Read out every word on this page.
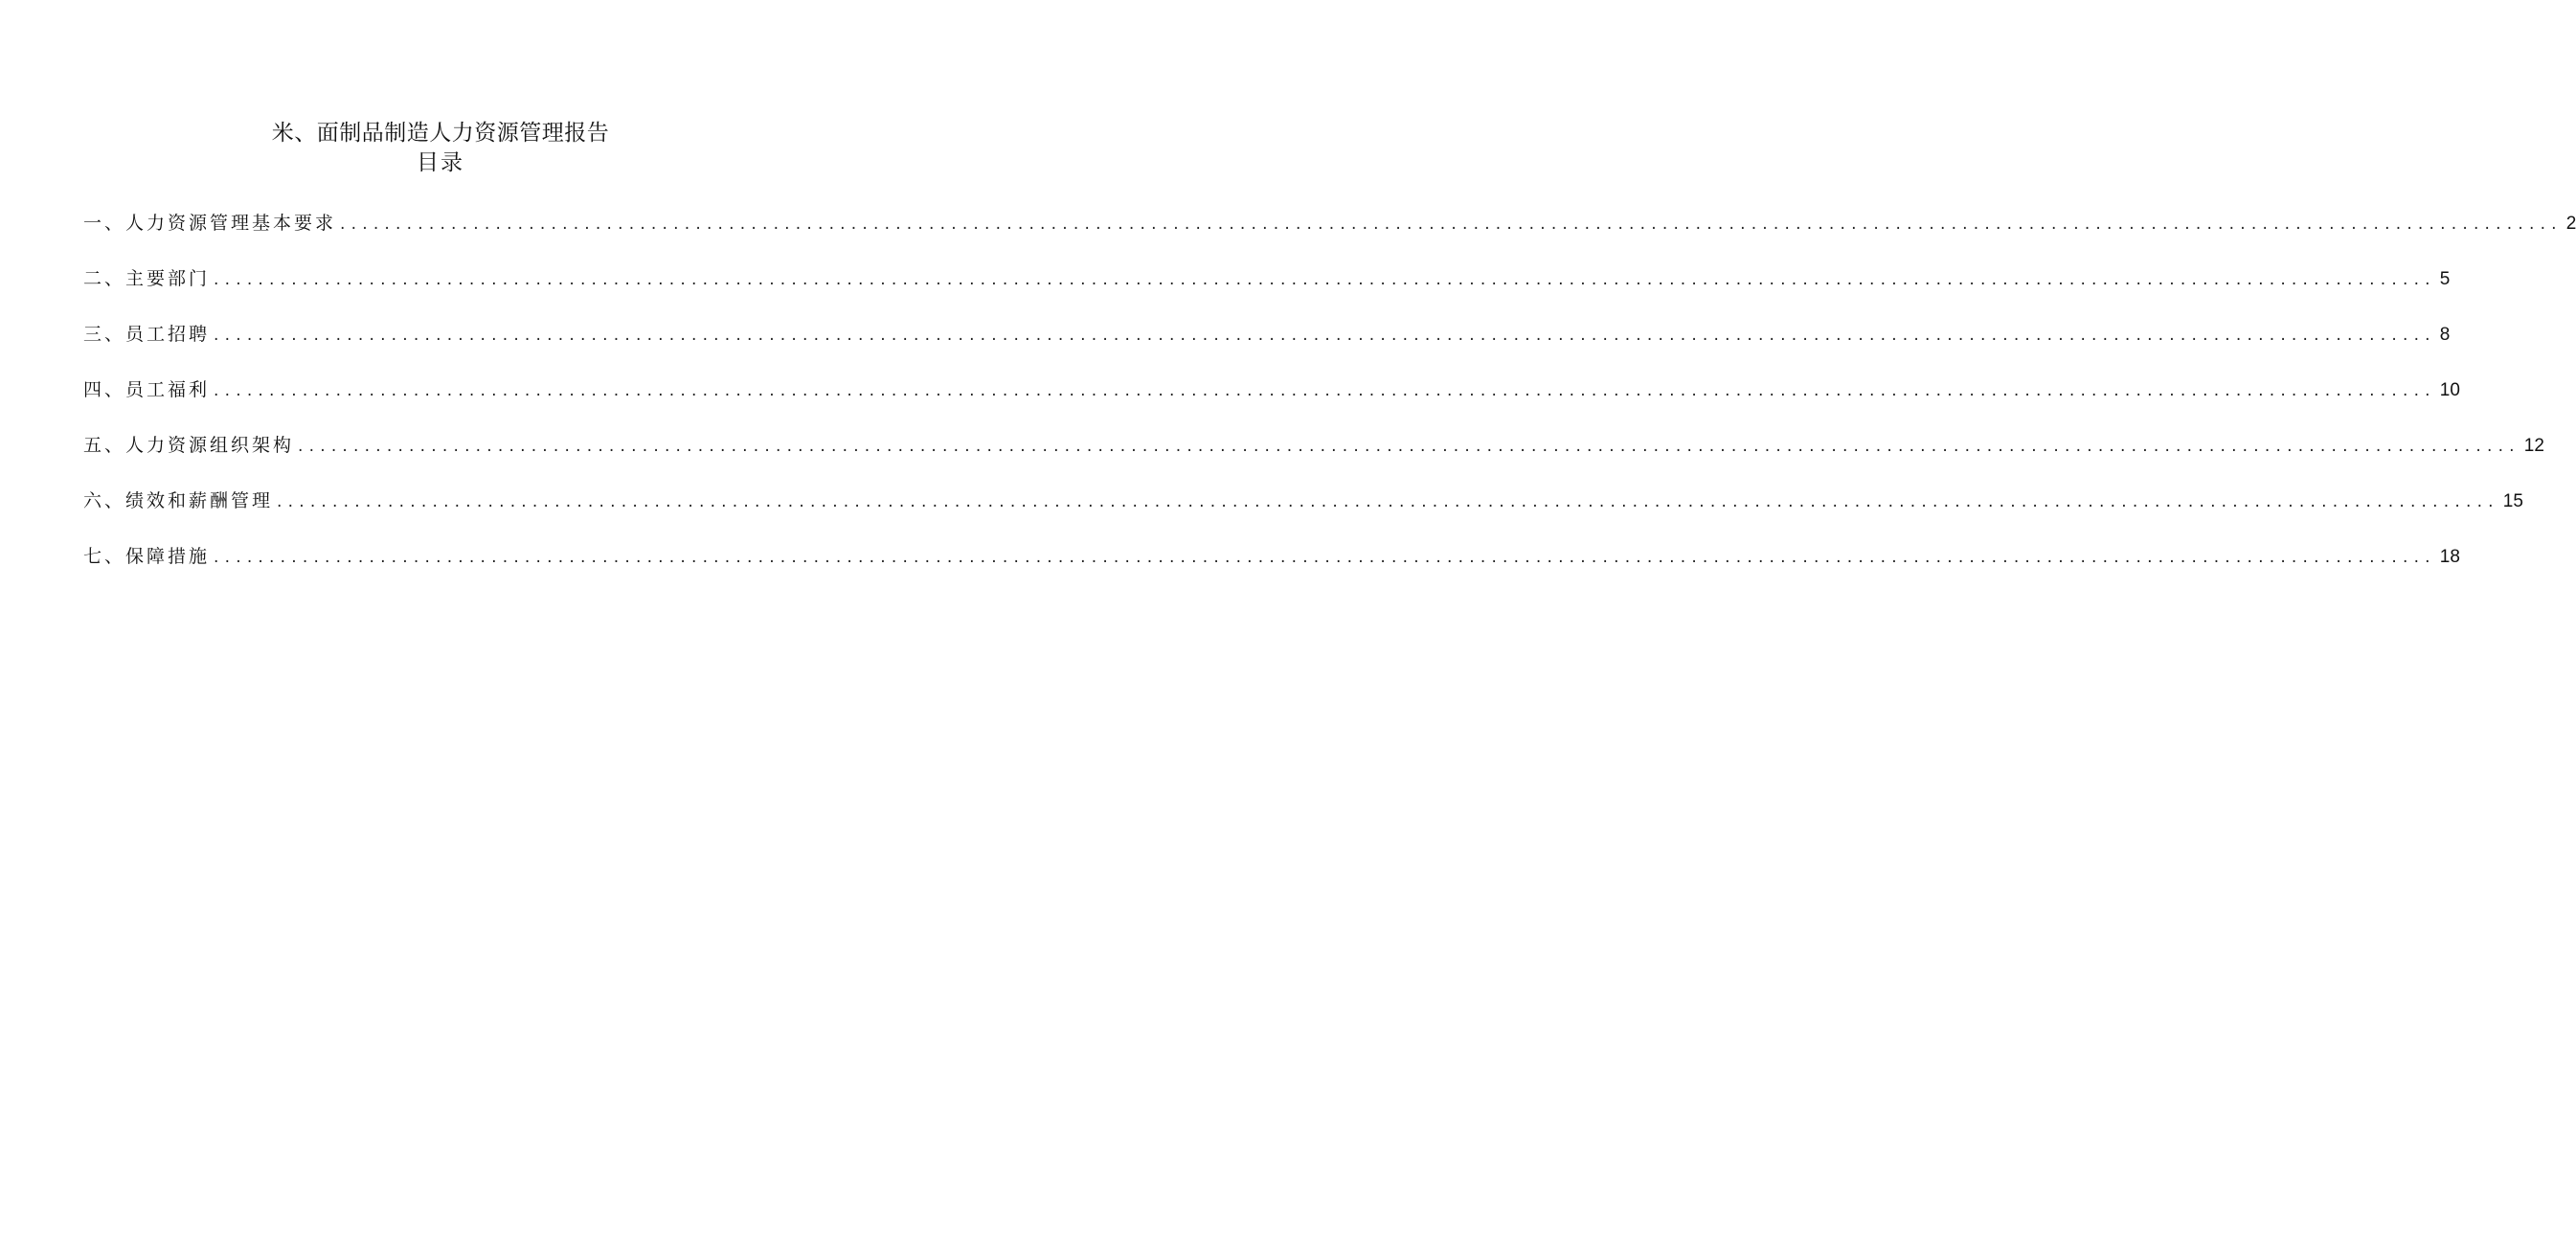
米、面制品制造人力资源管理报告
目录
一、人力资源管理基本要求 ........................................................................................................................................................................................................ 2
二、主要部门 ........................................................................................................................................................................................................ 5
三、员工招聘 ........................................................................................................................................................................................................ 8
四、员工福利 ........................................................................................................................................................................................................ 10
五、人力资源组织架构 ........................................................................................................................................................................................................ 12
六、绩效和薪酬管理 ........................................................................................................................................................................................................ 15
七、保障措施 ........................................................................................................................................................................................................ 18
